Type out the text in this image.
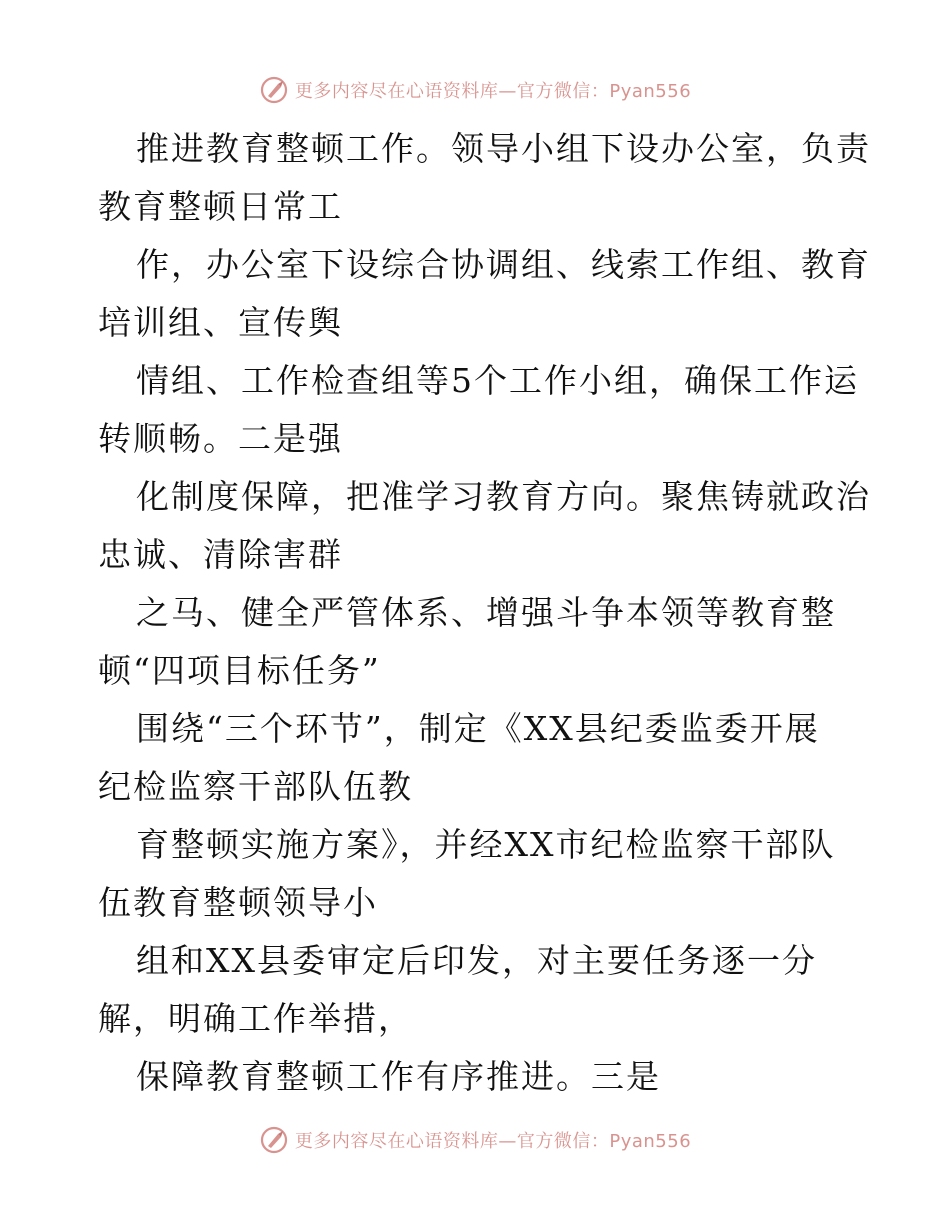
更多内容尽在心语资料库—官方微信：Pyan556

推进教育整顿工作。领导小组下设办公室，负责
教育整顿日常工

作，办公室下设综合协调组、线索工作组、教育
培训组、宣传舆

情组、工作检查组等5个工作小组，确保工作运
转顺畅。二是强

化制度保障，把准学习教育方向。聚焦铸就政治
忠诚、清除害群

之马、健全严管体系、增强斗争本领等教育整
顿“四项目标任务”

围绕“三个环节”，制定《XX县纪委监委开展
纪检监察干部队伍教

育整顿实施方案》，并经XX市纪检监察干部队
伍教育整顿领导小

组和XX县委审定后印发，对主要任务逐一分
解，明确工作举措，

保障教育整顿工作有序推进。三是

更多内容尽在心语资料库—官方微信：Pyan556
